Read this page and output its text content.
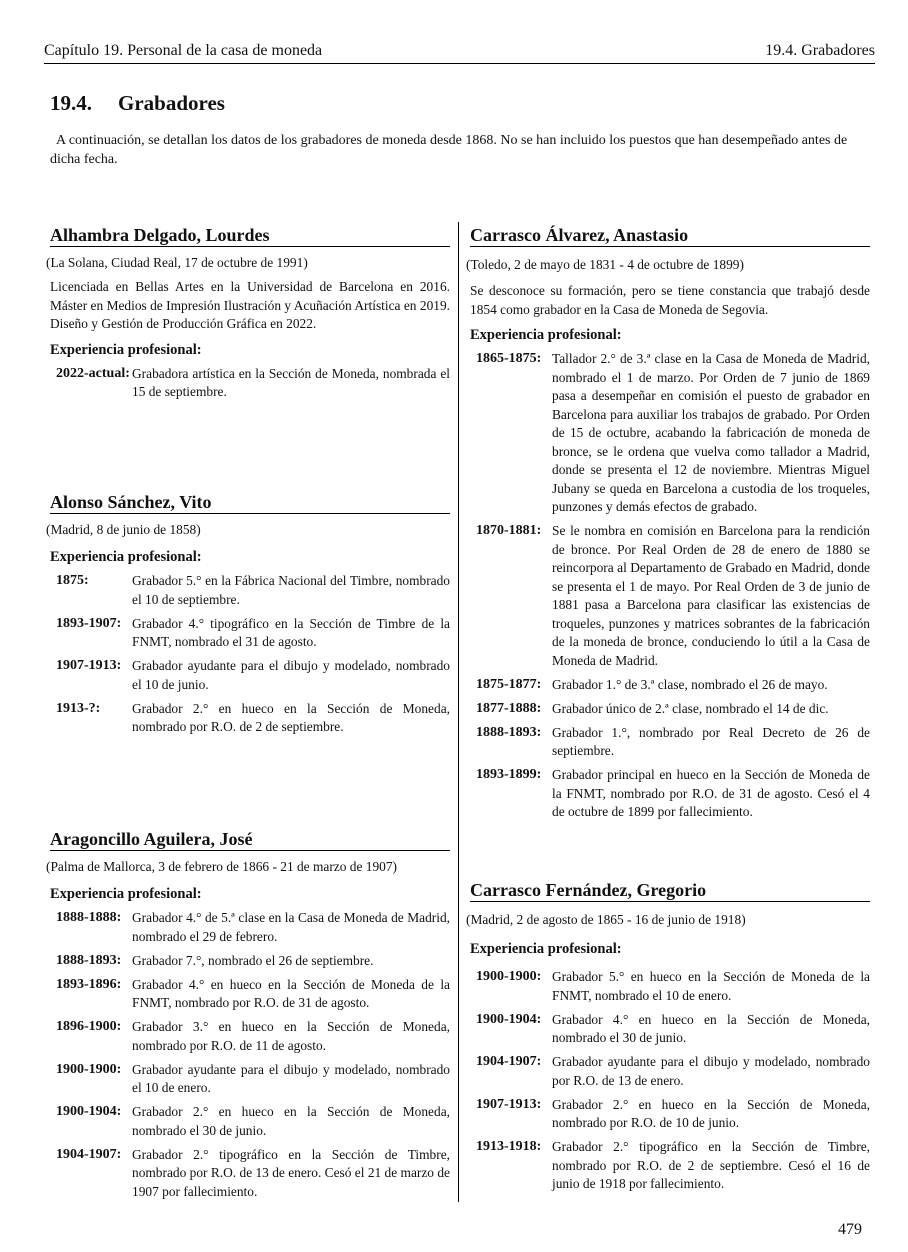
Capítulo 19. Personal de la casa de moneda	19.4. Grabadores
19.4. Grabadores

A continuación, se detallan los datos de los grabadores de moneda desde 1868. No se han incluido los puestos que han desempeñado antes de dicha fecha.

Alhambra Delgado, Lourdes
(La Solana, Ciudad Real, 17 de octubre de 1991)
Licenciada en Bellas Artes en la Universidad de Barcelona en 2016. Máster en Medios de Impresión Ilustración y Acuñación Artística en 2019. Diseño y Gestión de Producción Gráfica en 2022.
Experiencia profesional:
2022-actual: Grabadora artística en la Sección de Moneda, nombrada el 15 de septiembre.
Alonso Sánchez, Vito
(Madrid, 8 de junio de 1858)
Experiencia profesional:
1875:	Grabador 5.° en la Fábrica Nacional del Timbre, nombrado el 10 de septiembre.
1893-1907: Grabador 4.° tipográfico en la Sección de Timbre de la FNMT, nombrado el 31 de agosto.
1907-1913: Grabador ayudante para el dibujo y modelado, nombrado el 10 de junio.
1913-?:	Grabador 2.° en hueco en la Sección de Moneda, nombrado por R.O. de 2 de septiembre.
Aragoncillo Aguilera, José
(Palma de Mallorca, 3 de febrero de 1866 - 21 de marzo de 1907)
Experiencia profesional:
1888-1888: Grabador 4.° de 5.ª clase en la Casa de Moneda de Madrid, nombrado el 29 de febrero.
1888-1893: Grabador 7.°, nombrado el 26 de septiembre.
1893-1896: Grabador 4.° en hueco en la Sección de Moneda de la FNMT, nombrado por R.O. de 31 de agosto.
1896-1900: Grabador 3.° en hueco en la Sección de Moneda, nombrado por R.O. de 11 de agosto.
1900-1900: Grabador ayudante para el dibujo y modelado, nombrado el 10 de enero.
1900-1904: Grabador 2.° en hueco en la Sección de Moneda, nombrado el 30 de junio.
1904-1907: Grabador 2.° tipográfico en la Sección de Timbre, nombrado por R.O. de 13 de enero. Cesó el 21 de marzo de 1907 por fallecimiento.
Carrasco Álvarez, Anastasio
(Toledo, 2 de mayo de 1831 - 4 de octubre de 1899)
Se desconoce su formación, pero se tiene constancia que trabajó desde 1854 como grabador en la Casa de Moneda de Segovia.
Experiencia profesional:
1865-1875: Tallador 2.° de 3.ª clase en la Casa de Moneda de Madrid, nombrado el 1 de marzo. Por Orden de 7 junio de 1869 pasa a desempeñar en comisión el puesto de grabador en Barcelona para auxiliar los trabajos de grabado. Por Orden de 15 de octubre, acabando la fabricación de moneda de bronce, se le ordena que vuelva como tallador a Madrid, donde se presenta el 12 de noviembre. Mientras Miguel Jubany se queda en Barcelona a custodia de los troqueles, punzones y demás efectos de grabado.
1870-1881: Se le nombra en comisión en Barcelona para la rendición de bronce. Por Real Orden de 28 de enero de 1880 se reincorpora al Departamento de Grabado en Madrid, donde se presenta el 1 de mayo. Por Real Orden de 3 de junio de 1881 pasa a Barcelona para clasificar las existencias de troqueles, punzones y matrices sobrantes de la fabricación de la moneda de bronce, conduciendo lo útil a la Casa de Moneda de Madrid.
1875-1877: Grabador 1.° de 3.ª clase, nombrado el 26 de mayo.
1877-1888: Grabador único de 2.ª clase, nombrado el 14 de dic.
1888-1893: Grabador 1.°, nombrado por Real Decreto de 26 de septiembre.
1893-1899: Grabador principal en hueco en la Sección de Moneda de la FNMT, nombrado por R.O. de 31 de agosto. Cesó el 4 de octubre de 1899 por fallecimiento.
Carrasco Fernández, Gregorio
(Madrid, 2 de agosto de 1865 - 16 de junio de 1918)
Experiencia profesional:
1900-1900: Grabador 5.° en hueco en la Sección de Moneda de la FNMT, nombrado el 10 de enero.
1900-1904: Grabador 4.° en hueco en la Sección de Moneda, nombrado el 30 de junio.
1904-1907: Grabador ayudante para el dibujo y modelado, nombrado por R.O. de 13 de enero.
1907-1913: Grabador 2.° en hueco en la Sección de Moneda, nombrado por R.O. de 10 de junio.
1913-1918: Grabador 2.° tipográfico en la Sección de Timbre, nombrado por R.O. de 2 de septiembre. Cesó el 16 de junio de 1918 por fallecimiento.
479
